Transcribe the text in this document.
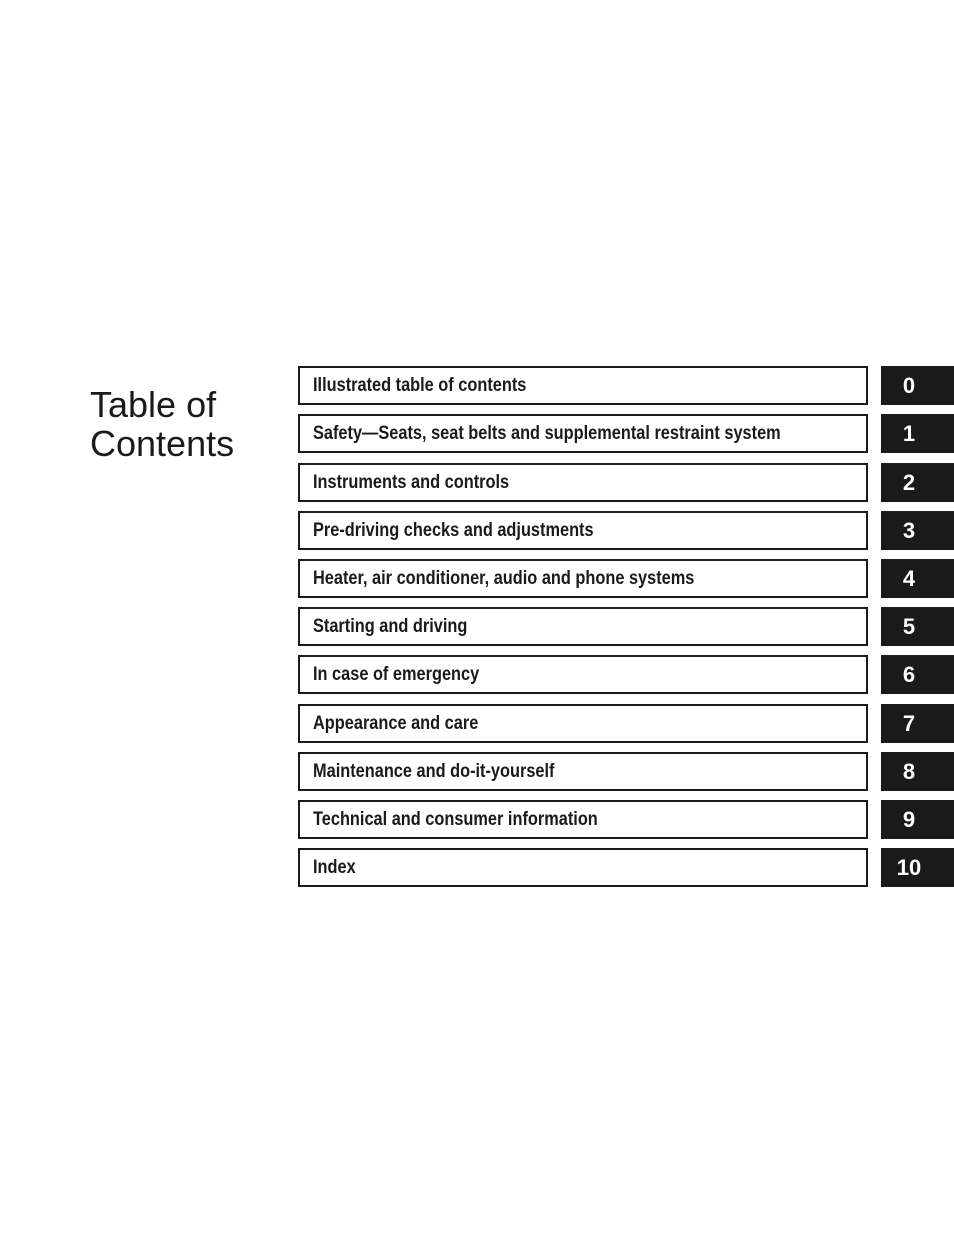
Table of
Contents
Illustrated table of contents	0
Safety—Seats, seat belts and supplemental restraint system	1
Instruments and controls	2
Pre-driving checks and adjustments	3
Heater, air conditioner, audio and phone systems	4
Starting and driving	5
In case of emergency	6
Appearance and care	7
Maintenance and do-it-yourself	8
Technical and consumer information	9
Index	10
